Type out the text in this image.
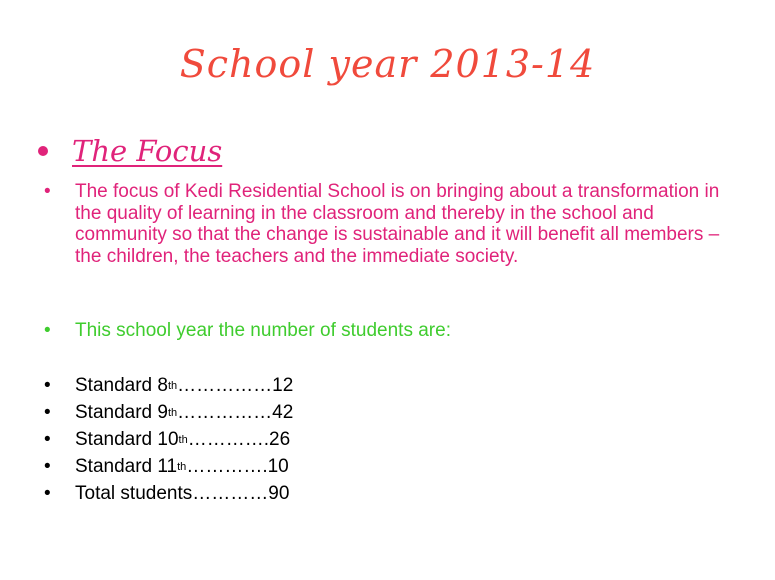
School year 2013-14
The Focus
•	The focus of Kedi Residential School is on bringing about a transformation in the quality of learning in the classroom and thereby in the school and community so that the change is sustainable and it will benefit all members – the children, the teachers and the immediate society.
•	This school year the number of students are:
•	Standard 8 th ……………12
•	Standard 9 th ……………42
•	Standard 10 th ………….26
•	Standard 11 th ………….10
•	Total students …………90
